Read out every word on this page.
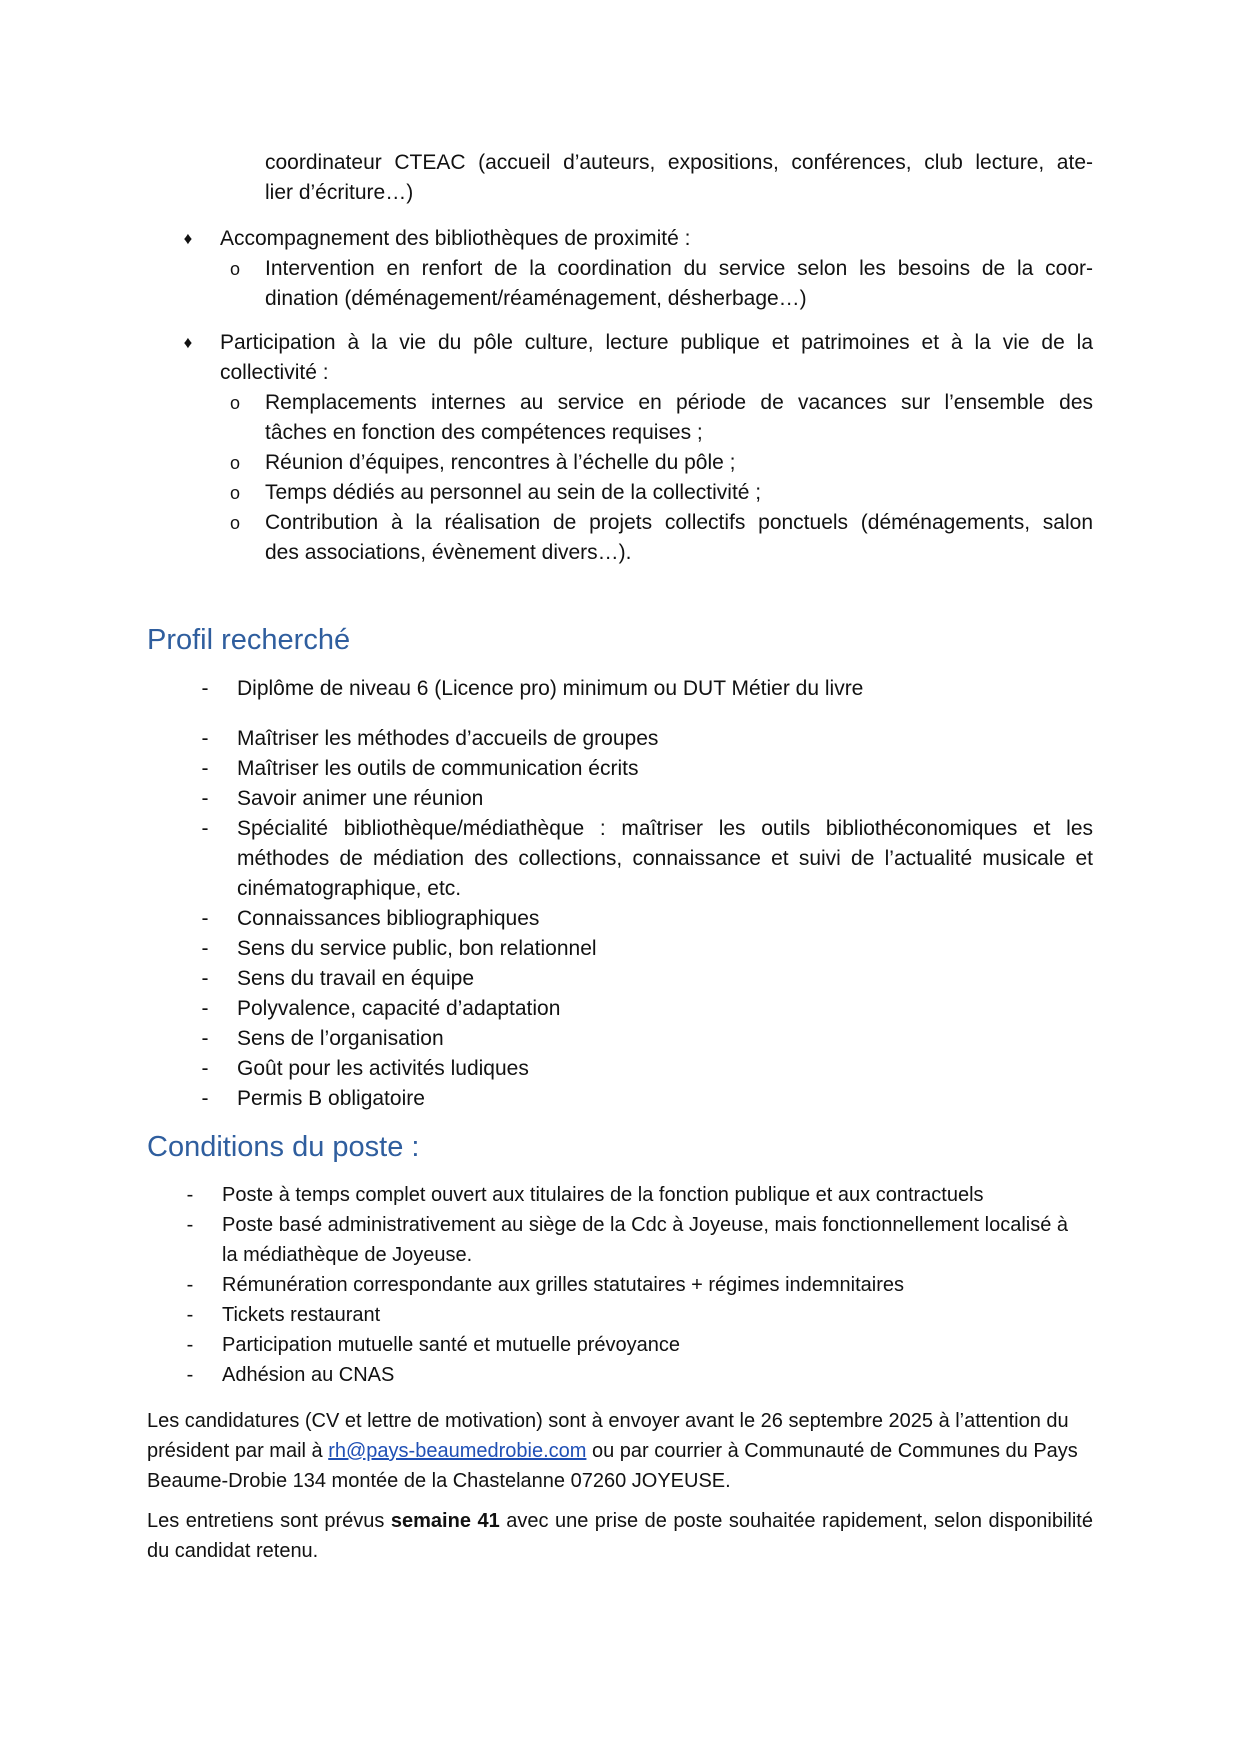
coordinateur CTEAC (accueil d’auteurs, expositions, conférences, club lecture, ate-
lier d’écriture…)
♦	Accompagnement des bibliothèques de proximité :
o	Intervention en renfort de la coordination du service selon les besoins de la coor-
dination (déménagement/réaménagement, désherbage…)
♦	Participation à la vie du pôle culture, lecture publique et patrimoines et à la vie de la
collectivité :
o	Remplacements internes au service en période de vacances sur l’ensemble des
tâches en fonction des compétences requises ;
o	Réunion d’équipes, rencontres à l’échelle du pôle ;
o	Temps dédiés au personnel au sein de la collectivité ;
o	Contribution à la réalisation de projets collectifs ponctuels (déménagements, salon
des associations, évènement divers…).
Profil recherché
-	Diplôme de niveau 6 (Licence pro) minimum ou DUT Métier du livre
-	Maîtriser les méthodes d’accueils de groupes
-	Maîtriser les outils de communication écrits
-	Savoir animer une réunion
-	Spécialité bibliothèque/médiathèque : maîtriser les outils bibliothéconomiques et les méthodes de médiation des collections, connaissance et suivi de l’actualité musicale et cinématographique, etc.
-	Connaissances bibliographiques
-	Sens du service public, bon relationnel
-	Sens du travail en équipe
-	Polyvalence, capacité d’adaptation
-	Sens de l’organisation
-	Goût pour les activités ludiques
-	Permis B obligatoire
Conditions du poste :
-	Poste à temps complet ouvert aux titulaires de la fonction publique et aux contractuels
-	Poste basé administrativement au siège de la Cdc à Joyeuse, mais fonctionnellement localisé à la médiathèque de Joyeuse.
-	Rémunération correspondante aux grilles statutaires + régimes indemnitaires
-	Tickets restaurant
-	Participation mutuelle santé et mutuelle prévoyance
-	Adhésion au CNAS
Les candidatures (CV et lettre de motivation) sont à envoyer avant le 26 septembre 2025 à l’attention du président par mail à rh@pays-beaumedrobie.com ou par courrier à Communauté de Communes du Pays Beaume-Drobie 134 montée de la Chastelanne 07260 JOYEUSE.
Les entretiens sont prévus semaine 41 avec une prise de poste souhaitée rapidement, selon disponibilité du candidat retenu.
